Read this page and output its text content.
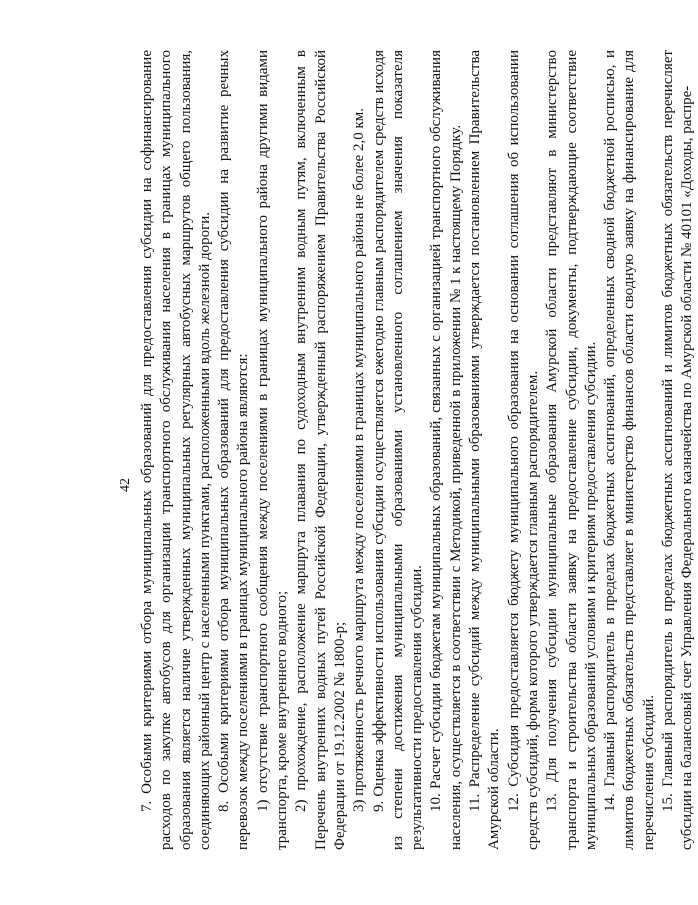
42 7. Особыми критериями отбора муниципальных образований для предоставления субсидии на софинансирование расходов по закупке автобусов для организации транспортного обслуживания населения в границах муниципального образования является наличие утвержденных муниципальных регулярных автобусных маршрутов общего пользования, соединяющих районный центр с населенными пунктами, расположенными вдоль железной дороги. 8. Особыми критериями отбора муниципальных образований для предоставления субсидии на развитие речных перевозок между поселениями в границах муниципального района являются: 1) отсутствие транспортного сообщения между поселениями в границах муниципального района другими видами транспорта, кроме внутреннего водного; 2) прохождение, расположение маршрута плавания по судоходным внутренним водным путям, включенным в Перечень внутренних водных путей Российской Федерации, утвержденный распоряжением Правительства Российской Федерации от 19.12.2002 № 1800-р; 3) протяженность речного маршрута между поселениями в границах муниципального района не более 2,0 км. 9. Оценка эффективности использования субсидии осуществляется ежегодно главным распорядителем средств исходя из степени достижения муниципальными образованиями установленного соглашением значения показателя результативности предоставления субсидии. 10. Расчет субсидии бюджетам муниципальных образований, связанных с организацией транспортного обслуживания населения, осуществляется в соответствии с Методикой, приведенной в приложении № 1 к настоящему Порядку. 11. Распределение субсидий между муниципальными образованиями утверждается постановлением Правительства Амурской области. 12. Субсидия предоставляется бюджету муниципального образования на основании соглашения об использовании средств субсидий, форма которого утверждается главным распорядителем. 13. Для получения субсидии муниципальные образования Амурской области представляют в министерство транспорта и строительства области заявку на предоставление субсидии, документы, подтверждающие соответствие муниципальных образований условиям и критериям предоставления субсидии. 14. Главный распорядитель в пределах бюджетных ассигнований, определенных сводной бюджетной росписью, и лимитов бюджетных обязательств представляет в министерство финансов области сводную заявку на финансирование для перечисления субсидий. 15. Главный распорядитель в пределах бюджетных ассигнований и лимитов бюджетных обязательств перечисляет субсидии на балансовый счет Управления Федерального казначейства по Амурской области № 40101 «Доходы, распре-
